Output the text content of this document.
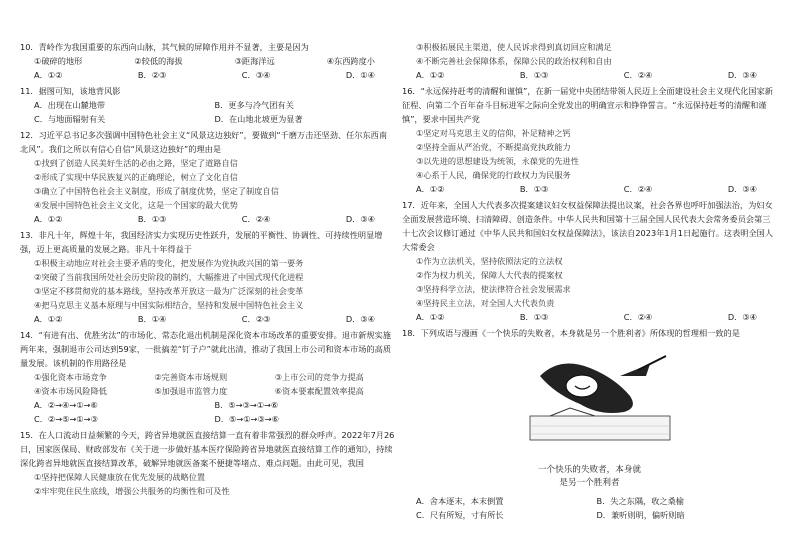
10．青岭作为我国重要的东西向山脉，其气候的屏障作用并不显著，主要是因为

①破碎的地形	②较低的海拔	③距海洋远	④东西跨度小
A．①②	B．②③	C．③④	D．①④

11．据图可知，该地背风影

A．出现在山麓地带	B．更多与冷气团有关
C．与地面辐射有关	D．在山地北坡更为显著

12．习近平总书记多次强调中国特色社会主义“风景这边独好”，要做到“千磨万击还坚劲、任尔东西南北风”。我们之所以有信心自信“风景这边独好”的理由是

①找到了创造人民美好生活的必由之路，坚定了道路自信
②形成了实现中华民族复兴的正确理论，树立了文化自信
③确立了中国特色社会主义制度，形成了制度优势，坚定了制度自信
④发展中国特色社会主义文化，这是一个国家的最大优势
A．①②	B．①③	C．②④	D．③④

13．非凡十年，辉煌十年，我国经济实力实现历史性跃升，发展的平衡性、协调性、可持续性明显增强，迈上更高质量的发展之路。非凡十年得益于

①积极主动地应对社会主要矛盾的变化，把发展作为党执政兴国的第一要务
②突破了当前我国所处社会历史阶段的制约，大幅推进了中国式现代化进程
③坚定不移贯彻党的基本路线，坚持改革开放这一最为广泛深刻的社会变革
④把马克思主义基本原理与中国实际相结合，坚持和发展中国特色社会主义
A．①②	B．①④	C．②③	D．③④

14．“有进有出、优胜劣汰”的市场化、常态化退出机制是深化资本市场改革的重要安排。退市新规实施两年来，强制退市公司达到59家，一批搞差“钉子户”就此出清，推动了我国上市公司和资本市场的高质量发展。该机制的作用路径是

①强化资本市场竞争	②完善资本市场规则	③上市公司的竞争力提高
④资本市场风险降低	⑤加强退市监管力度	⑥资本要素配置效率提高
A．②→④→①→⑥	B．⑤→③→①→⑥
C．②→⑤→①→③	D．⑤→①→③→⑥

15．在人口流动日益频繁的今天，跨省异地就医直接结算一直有着非常强烈的群众呼声。2022年7月26日，国家医保局、财政部发布《关于进一步做好基本医疗保险跨省异地就医直接结算工作的通知》，持续深化跨省异地就医直接结算改革，破解异地就医备案不便捷等堵点、难点问题。由此可见，我国

①坚持把保障人民健康放在优先发展的战略位置
②牢牢兜住民生底线，增强公共服务的均衡性和可及性
③积极拓展民主渠道，使人民诉求得到真切回应和满足
④不断完善社会保障体系，保障公民的政治权利和自由
A．①②	B．①③	C．②④	D．③④

16．“永远保持赶考的清醒和谨慎”，在新一届党中央团结带领人民迈上全面建设社会主义现代化国家新征程、向第二个百年奋斗目标进军之际向全党发出的明确宣示和铮铮誓言。“永远保持赶考的清醒和谨慎”，要求中国共产党

①坚定对马克思主义的信仰，补足精神之钙
②坚持全面从严治党，不断提高党执政能力
③以先进的思想建设为统领，永葆党的先进性
④心系于人民，确保党的行政权力为民服务
A．①②	B．①③	C．②④	D．③④

17．近年来，全国人大代表多次提案建议妇女权益保障法提出议案，社会各界也呼吁加强法治，为妇女全面发展营造环境、扫清障碍、创造条件。中华人民共和国第十三届全国人民代表大会常务委员会第三十七次会议修订通过《中华人民共和国妇女权益保障法》，该法自2023年1月1日起施行。这表明全国人大常委会

①作为立法机关，坚持依照法定的立法权
②作为权力机关，保障人大代表的提案权
③坚持科学立法，使法律符合社会发展需求
④坚持民主立法，对全国人大代表负责
A．①②	B．①③	C．②④	D．③④

18．下列成语与漫画《一个快乐的失败者，本身就是另一个胜利者》所体现的哲理相一致的是

一个快乐的失败者，本身就
是另一个胜利者
A．舍本逐末，本末倒置	B．失之东隅，收之桑榆
C．尺有所短，寸有所长	D．兼听则明，偏听则暗
